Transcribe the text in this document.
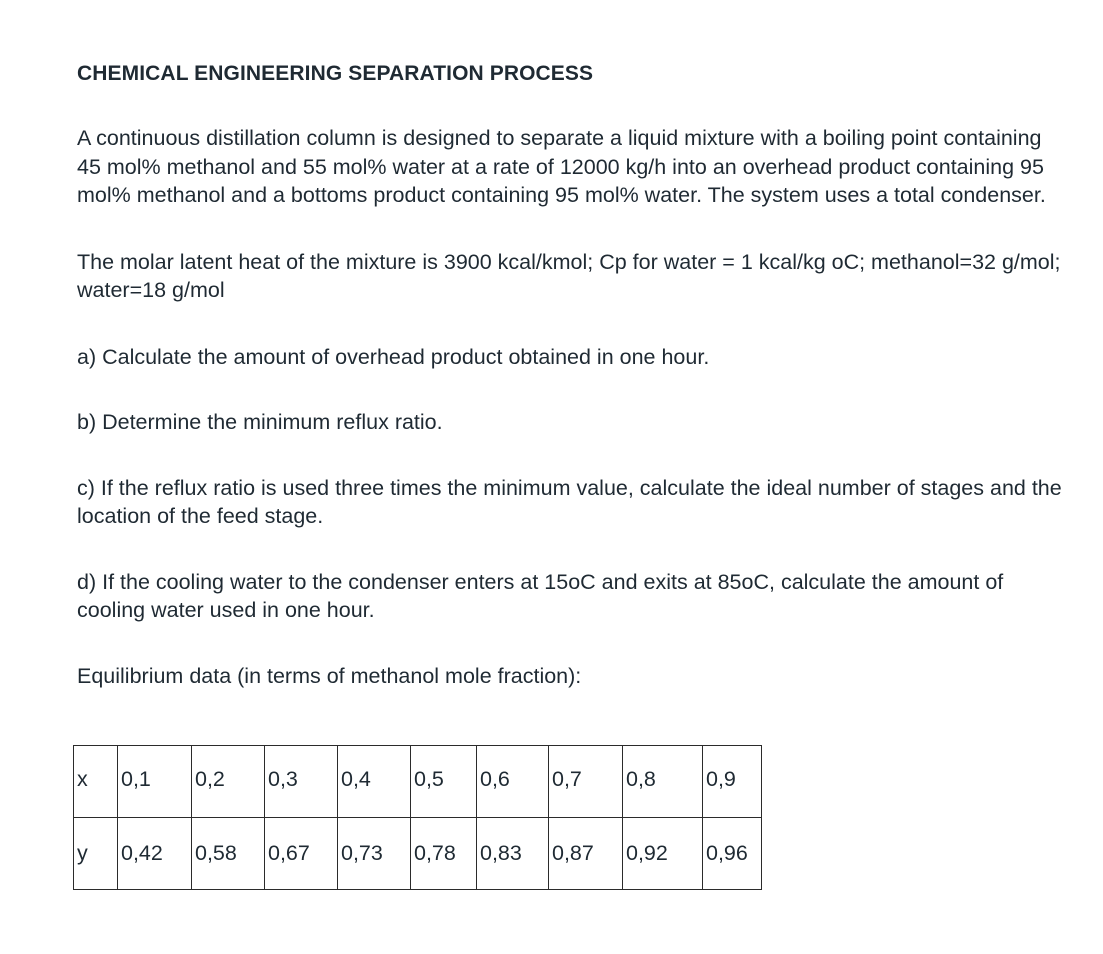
CHEMICAL ENGINEERING SEPARATION PROCESS
A continuous distillation column is designed to separate a liquid mixture with a boiling point containing 45 mol% methanol and 55 mol% water at a rate of 12000 kg/h into an overhead product containing 95 mol% methanol and a bottoms product containing 95 mol% water. The system uses a total condenser.
The molar latent heat of the mixture is 3900 kcal/kmol; Cp for water = 1 kcal/kg oC; methanol=32 g/mol; water=18 g/mol
a) Calculate the amount of overhead product obtained in one hour.
b) Determine the minimum reflux ratio.
c) If the reflux ratio is used three times the minimum value, calculate the ideal number of stages and the location of the feed stage.
d) If the cooling water to the condenser enters at 15oC and exits at 85oC, calculate the amount of cooling water used in one hour.
Equilibrium data (in terms of methanol mole fraction):
x	0,1	0,2	0,3	0,4	0,5	0,6	0,7	0,8	0,9
y	0,42	0,58	0,67	0,73	0,78	0,83	0,87	0,92	0,96
